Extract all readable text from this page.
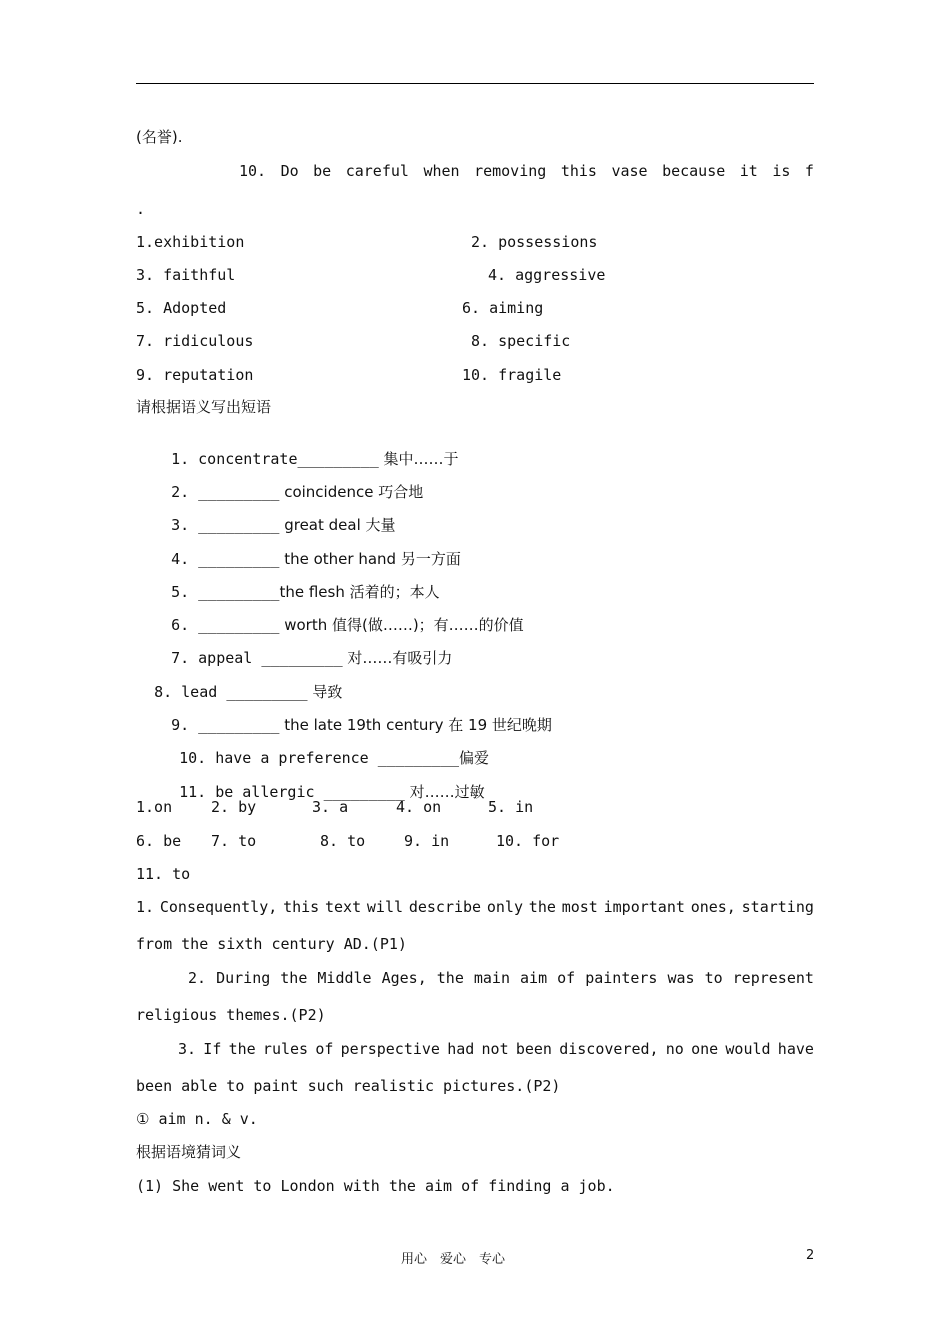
(名誉).
10. Do be careful when removing this vase because it is f
.
1.exhibition	2. possessions
3. faithful	4. aggressive
5. Adopted	6. aiming
7. ridiculous	8. specific
9. reputation	10. fragile
请根据语义写出短语

1. concentrate_________ 集中……于

2. _________ coincidence 巧合地

3. _________ great deal 大量

4. _________ the other hand 另一方面

5. _________the flesh 活着的；本人

6. _________ worth 值得(做……)；有……的价值

7. appeal _________ 对……有吸引力

8. lead _________ 导致

9. _________ the late 19th century 在 19 世纪晚期

10. have a preference _________偏爱

11. be allergic _________ 对……过敏

1.on	2. by	3. a	4. on	5. in
6. be 7. to	8. to	9. in	10. for
11. to
1. Consequently, this text will describe only the most important ones, starting
from the sixth century AD.(P1)
2. During the Middle Ages, the main aim of painters was to represent
religious themes.(P2)
3. If the rules of perspective had not been discovered, no one would have
been able to paint such realistic pictures.(P2)
① aim n. & v.
根据语境猜词义
(1) She went to London with the aim of finding a job.
用心　爱心　专心	2
